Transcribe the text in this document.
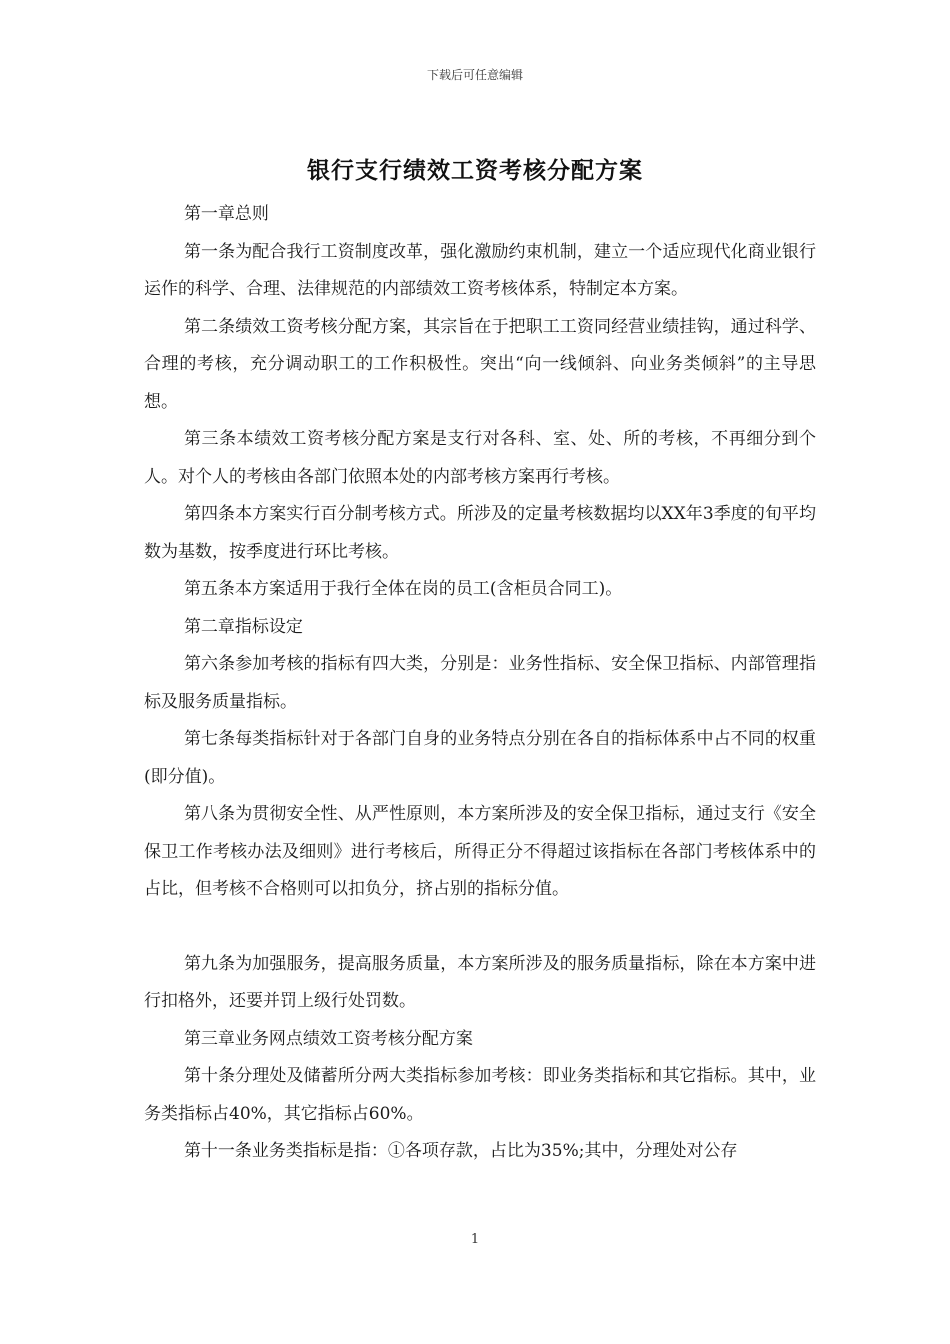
下载后可任意编辑
银行支行绩效工资考核分配方案

第一章总则

第一条为配合我行工资制度改革，强化激励约束机制，建立一个适应现代化商业银行运作的科学、合理、法律规范的内部绩效工资考核体系，特制定本方案。

第二条绩效工资考核分配方案，其宗旨在于把职工工资同经营业绩挂钩，通过科学、合理的考核，充分调动职工的工作积极性。突出“向一线倾斜、向业务类倾斜”的主导思想。

第三条本绩效工资考核分配方案是支行对各科、室、处、所的考核，不再细分到个人。对个人的考核由各部门依照本处的内部考核方案再行考核。

第四条本方案实行百分制考核方式。所涉及的定量考核数据均以XX年3季度的旬平均数为基数，按季度进行环比考核。

第五条本方案适用于我行全体在岗的员工(含柜员合同工)。

第二章指标设定

第六条参加考核的指标有四大类，分别是：业务性指标、安全保卫指标、内部管理指标及服务质量指标。

第七条每类指标针对于各部门自身的业务特点分别在各自的指标体系中占不同的权重(即分值)。

第八条为贯彻安全性、从严性原则，本方案所涉及的安全保卫指标，通过支行《安全保卫工作考核办法及细则》进行考核后，所得正分不得超过该指标在各部门考核体系中的占比，但考核不合格则可以扣负分，挤占别的指标分值。

第九条为加强服务，提高服务质量，本方案所涉及的服务质量指标，除在本方案中进行扣格外，还要并罚上级行处罚数。

第三章业务网点绩效工资考核分配方案

第十条分理处及储蓄所分两大类指标参加考核：即业务类指标和其它指标。其中，业务类指标占40%，其它指标占60%。

第十一条业务类指标是指：①各项存款，占比为35%;其中，分理处对公存

1
